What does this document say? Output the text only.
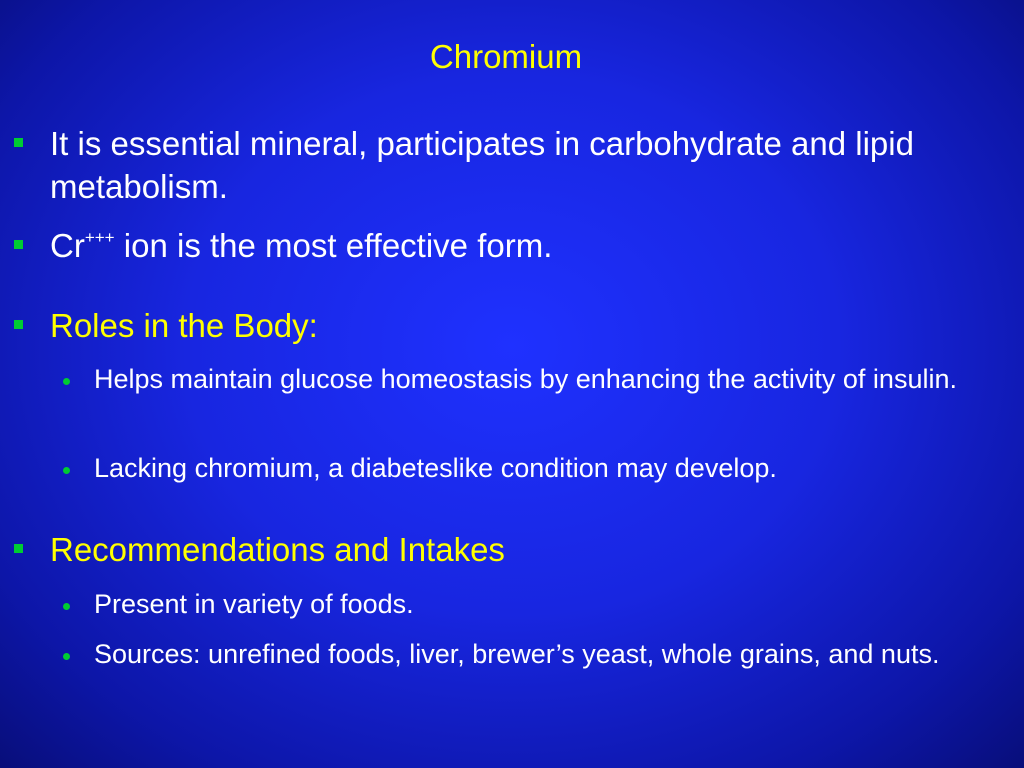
Chromium
It is essential mineral, participates in carbohydrate and lipid metabolism.
Cr+++ ion is the most effective form.
Roles in the Body:
Helps maintain glucose homeostasis by enhancing the activity of insulin.
Lacking chromium, a diabeteslike condition may develop.
Recommendations and Intakes
Present in variety of foods.
Sources: unrefined foods, liver, brewer’s yeast, whole grains, and nuts.
